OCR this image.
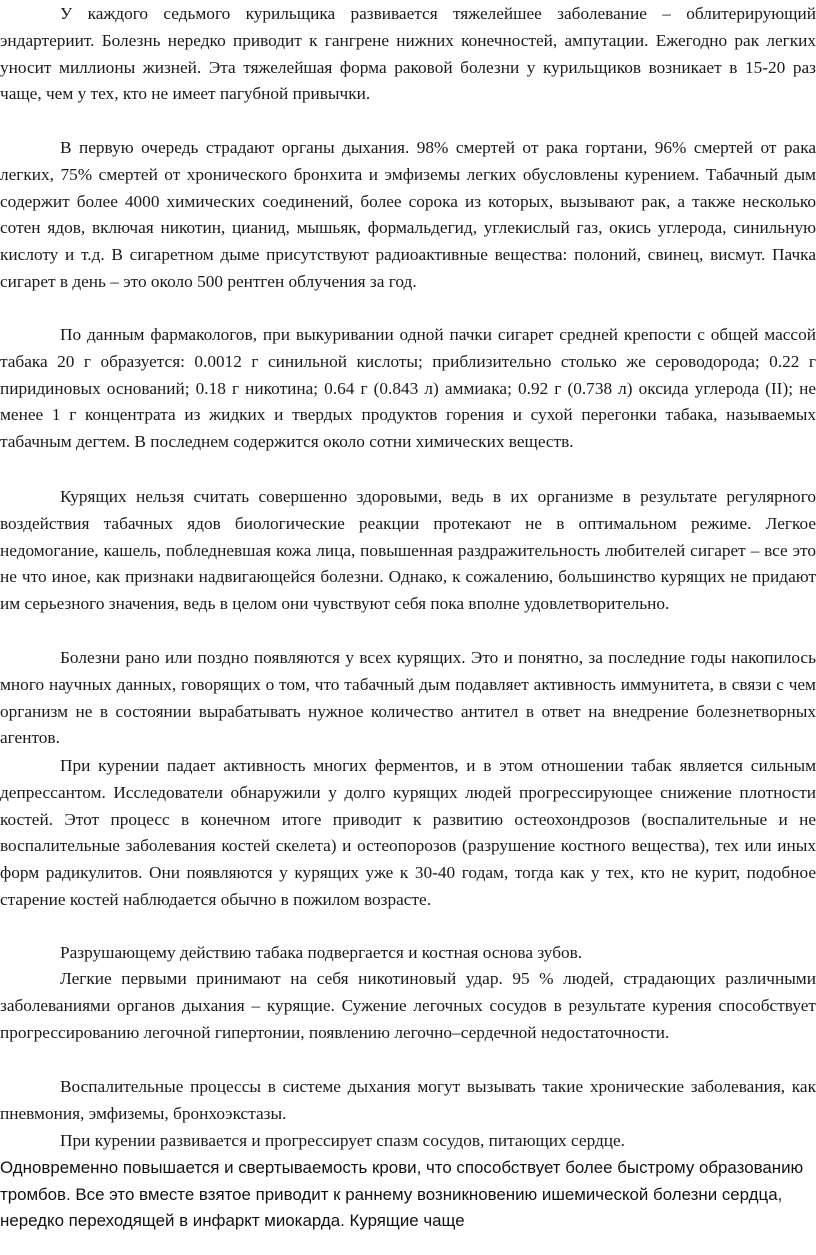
У каждого седьмого курильщика развивается тяжелейшее заболевание – облитерирующий эндартериит. Болезнь нередко приводит к гангрене нижних конечностей, ампутации. Ежегодно рак легких уносит миллионы жизней. Эта тяжелейшая форма раковой болезни у курильщиков возникает в 15-20 раз чаще, чем у тех, кто не имеет пагубной привычки.

В первую очередь страдают органы дыхания. 98% смертей от рака гортани, 96% смертей от рака легких, 75% смертей от хронического бронхита и эмфиземы легких обусловлены курением. Табачный дым содержит более 4000 химических соединений, более сорока из которых, вызывают рак, а также несколько сотен ядов, включая никотин, цианид, мышьяк, формальдегид, углекислый газ, окись углерода, синильную кислоту и т.д. В сигаретном дыме присутствуют радиоактивные вещества: полоний, свинец, висмут. Пачка сигарет в день – это около 500 рентген облучения за год.

По данным фармакологов, при выкуривании одной пачки сигарет средней крепости с общей массой табака 20 г образуется: 0.0012 г синильной кислоты; приблизительно столько же сероводорода; 0.22 г пиридиновых оснований; 0.18 г никотина; 0.64 г (0.843 л) аммиака; 0.92 г (0.738 л) оксида углерода (II); не менее 1 г концентрата из жидких и твердых продуктов горения и сухой перегонки табака, называемых табачным дегтем. В последнем содержится около сотни химических веществ.

Курящих нельзя считать совершенно здоровыми, ведь в их организме в результате регулярного воздействия табачных ядов биологические реакции протекают не в оптимальном режиме. Легкое недомогание, кашель, побледневшая кожа лица, повышенная раздражительность любителей сигарет – все это не что иное, как признаки надвигающейся болезни. Однако, к сожалению, большинство курящих не придают им серьезного значения, ведь в целом они чувствуют себя пока вполне удовлетворительно.

Болезни рано или поздно появляются у всех курящих. Это и понятно, за последние годы накопилось много научных данных, говорящих о том, что табачный дым подавляет активность иммунитета, в связи с чем организм не в состоянии вырабатывать нужное количество антител в ответ на внедрение болезнетворных агентов.

При курении падает активность многих ферментов, и в этом отношении табак является сильным депрессантом. Исследователи обнаружили у долго курящих людей прогрессирующее снижение плотности костей. Этот процесс в конечном итоге приводит к развитию остеохондрозов (воспалительные и не воспалительные заболевания костей скелета) и остеопорозов (разрушение костного вещества), тех или иных форм радикулитов. Они появляются у курящих уже к 30-40 годам, тогда как у тех, кто не курит, подобное старение костей наблюдается обычно в пожилом возрасте.

Разрушающему действию табака подвергается и костная основа зубов.

Легкие первыми принимают на себя никотиновый удар. 95 % людей, страдающих различными заболеваниями органов дыхания – курящие. Сужение легочных сосудов в результате курения способствует прогрессированию легочной гипертонии, появлению легочно–сердечной недостаточности.

Воспалительные процессы в системе дыхания могут вызывать такие хронические заболевания, как пневмония, эмфиземы, бронхоэкстазы.

При курении развивается и прогрессирует спазм сосудов, питающих сердце.

Одновременно повышается и свертываемость крови, что способствует более быстрому образованию тромбов. Все это вместе взятое приводит к раннему возникновению ишемической болезни сердца, нередко переходящей в инфаркт миокарда. Курящие чаще
